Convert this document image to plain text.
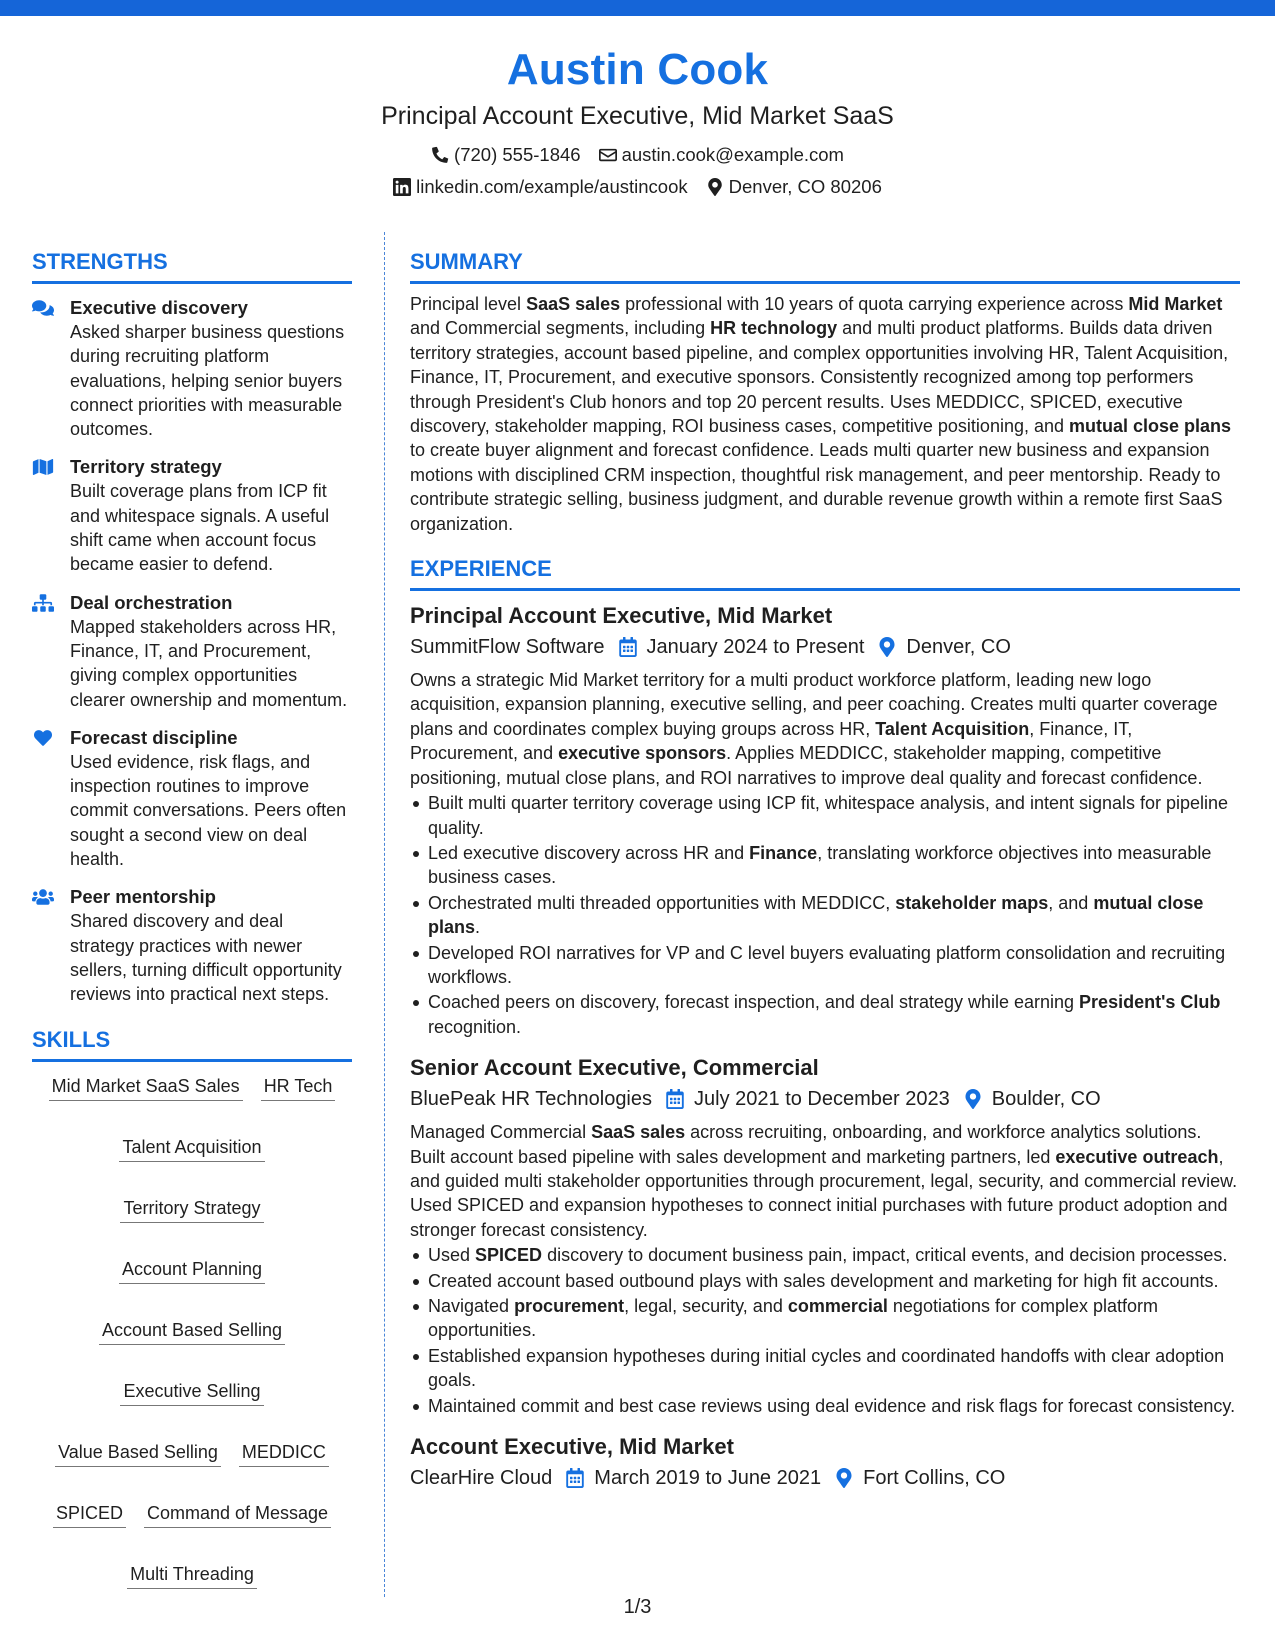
Austin Cook
Principal Account Executive, Mid Market SaaS
(720) 555-1846 austin.cook@example.com
linkedin.com/example/austincook Denver, CO 80206
STRENGTHS
Executive discovery
Asked sharper business questions during recruiting platform evaluations, helping senior buyers connect priorities with measurable outcomes.
Territory strategy
Built coverage plans from ICP fit and whitespace signals. A useful shift came when account focus became easier to defend.
Deal orchestration
Mapped stakeholders across HR, Finance, IT, and Procurement, giving complex opportunities clearer ownership and momentum.
Forecast discipline
Used evidence, risk flags, and inspection routines to improve commit conversations. Peers often sought a second view on deal health.
Peer mentorship
Shared discovery and deal strategy practices with newer sellers, turning difficult opportunity reviews into practical next steps.
SKILLS
Mid Market SaaS Sales HR Tech
Talent Acquisition
Territory Strategy
Account Planning
Account Based Selling
Executive Selling
Value Based Selling MEDDICC
SPICED Command of Message
Multi Threading
SUMMARY

Principal level SaaS sales professional with 10 years of quota carrying experience across Mid Market and Commercial segments, including HR technology and multi product platforms. Builds data driven territory strategies, account based pipeline, and complex opportunities involving HR, Talent Acquisition, Finance, IT, Procurement, and executive sponsors. Consistently recognized among top performers through President's Club honors and top 20 percent results. Uses MEDDICC, SPICED, executive discovery, stakeholder mapping, ROI business cases, competitive positioning, and mutual close plans to create buyer alignment and forecast confidence. Leads multi quarter new business and expansion motions with disciplined CRM inspection, thoughtful risk management, and peer mentorship. Ready to contribute strategic selling, business judgment, and durable revenue growth within a remote first SaaS organization.

EXPERIENCE
Principal Account Executive, Mid Market
SummitFlow Software January 2024 to Present Denver, CO

Owns a strategic Mid Market territory for a multi product workforce platform, leading new logo acquisition, expansion planning, executive selling, and peer coaching. Creates multi quarter coverage plans and coordinates complex buying groups across HR, Talent Acquisition, Finance, IT, Procurement, and executive sponsors. Applies MEDDICC, stakeholder mapping, competitive positioning, mutual close plans, and ROI narratives to improve deal quality and forecast confidence.

Built multi quarter territory coverage using ICP fit, whitespace analysis, and intent signals for pipeline quality.
Led executive discovery across HR and Finance, translating workforce objectives into measurable business cases.
Orchestrated multi threaded opportunities with MEDDICC, stakeholder maps, and mutual close plans.
Developed ROI narratives for VP and C level buyers evaluating platform consolidation and recruiting workflows.
Coached peers on discovery, forecast inspection, and deal strategy while earning President's Club recognition.
Senior Account Executive, Commercial
BluePeak HR Technologies July 2021 to December 2023 Boulder, CO

Managed Commercial SaaS sales across recruiting, onboarding, and workforce analytics solutions. Built account based pipeline with sales development and marketing partners, led executive outreach, and guided multi stakeholder opportunities through procurement, legal, security, and commercial review. Used SPICED and expansion hypotheses to connect initial purchases with future product adoption and stronger forecast consistency.

Used SPICED discovery to document business pain, impact, critical events, and decision processes.
Created account based outbound plays with sales development and marketing for high fit accounts.
Navigated procurement, legal, security, and commercial negotiations for complex platform opportunities.
Established expansion hypotheses during initial cycles and coordinated handoffs with clear adoption goals.
Maintained commit and best case reviews using deal evidence and risk flags for forecast consistency.
Account Executive, Mid Market
ClearHire Cloud March 2019 to June 2021 Fort Collins, CO
1/3
